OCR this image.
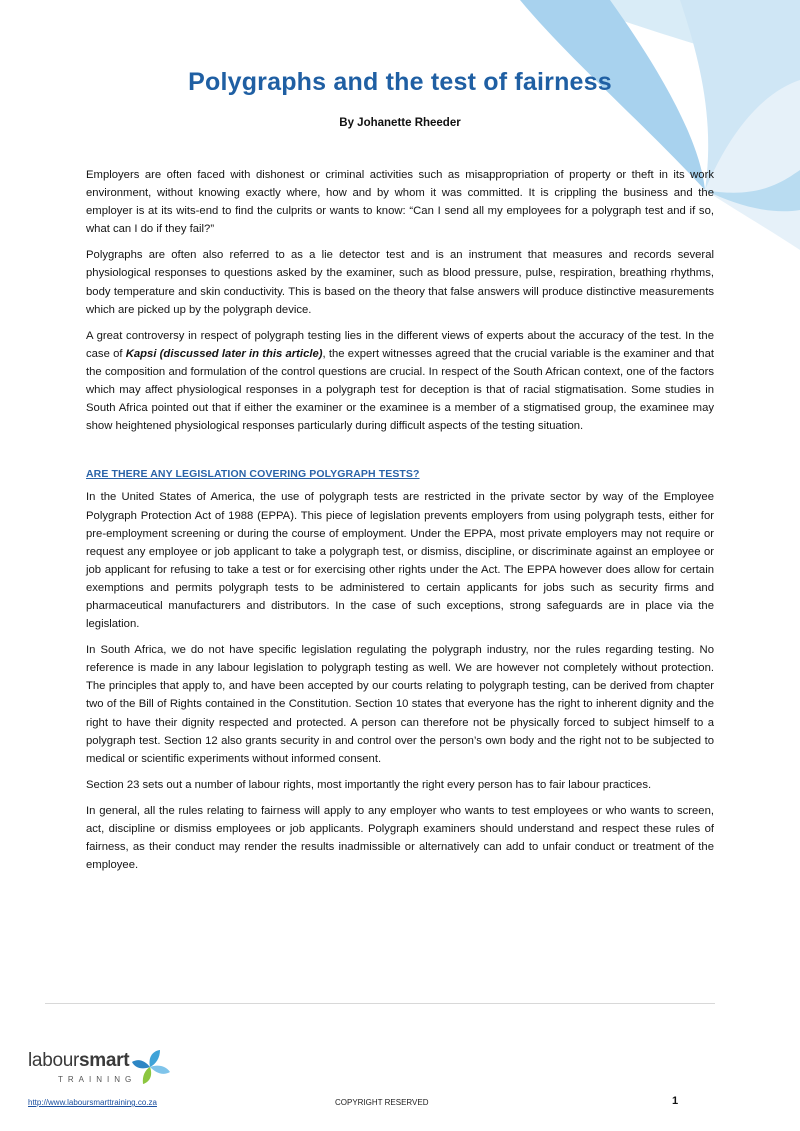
Polygraphs and the test of fairness

By Johanette Rheeder

Employers are often faced with dishonest or criminal activities such as misappropriation of property or theft in its work environment, without knowing exactly where, how and by whom it was committed. It is crippling the business and the employer is at its wits-end to find the culprits or wants to know: “Can I send all my employees for a polygraph test and if so, what can I do if they fail?”

Polygraphs are often also referred to as a lie detector test and is an instrument that measures and records several physiological responses to questions asked by the examiner, such as blood pressure, pulse, respiration, breathing rhythms, body temperature and skin conductivity. This is based on the theory that false answers will produce distinctive measurements which are picked up by the polygraph device.

A great controversy in respect of polygraph testing lies in the different views of experts about the accuracy of the test. In the case of Kapsi (discussed later in this article), the expert witnesses agreed that the crucial variable is the examiner and that the composition and formulation of the control questions are crucial. In respect of the South African context, one of the factors which may affect physiological responses in a polygraph test for deception is that of racial stigmatisation. Some studies in South Africa pointed out that if either the examiner or the examinee is a member of a stigmatised group, the examinee may show heightened physiological responses particularly during difficult aspects of the testing situation.

ARE THERE ANY LEGISLATION COVERING POLYGRAPH TESTS?

In the United States of America, the use of polygraph tests are restricted in the private sector by way of the Employee Polygraph Protection Act of 1988 (EPPA). This piece of legislation prevents employers from using polygraph tests, either for pre-employment screening or during the course of employment. Under the EPPA, most private employers may not require or request any employee or job applicant to take a polygraph test, or dismiss, discipline, or discriminate against an employee or job applicant for refusing to take a test or for exercising other rights under the Act. The EPPA however does allow for certain exemptions and permits polygraph tests to be administered to certain applicants for jobs such as security firms and pharmaceutical manufacturers and distributors. In the case of such exceptions, strong safeguards are in place via the legislation.

In South Africa, we do not have specific legislation regulating the polygraph industry, nor the rules regarding testing. No reference is made in any labour legislation to polygraph testing as well. We are however not completely without protection. The principles that apply to, and have been accepted by our courts relating to polygraph testing, can be derived from chapter two of the Bill of Rights contained in the Constitution. Section 10 states that everyone has the right to inherent dignity and the right to have their dignity respected and protected. A person can therefore not be physically forced to subject himself to a polygraph test. Section 12 also grants security in and control over the person’s own body and the right not to be subjected to medical or scientific experiments without informed consent.

Section 23 sets out a number of labour rights, most importantly the right every person has to fair labour practices.

In general, all the rules relating to fairness will apply to any employer who wants to test employees or who wants to screen, act, discipline or dismiss employees or job applicants. Polygraph examiners should understand and respect these rules of fairness, as their conduct may render the results inadmissible or alternatively can add to unfair conduct or treatment of the employee.

laboursmart
TRAINING
http://www.laboursmarttraining.co.za	COPYRIGHT RESERVED	1
